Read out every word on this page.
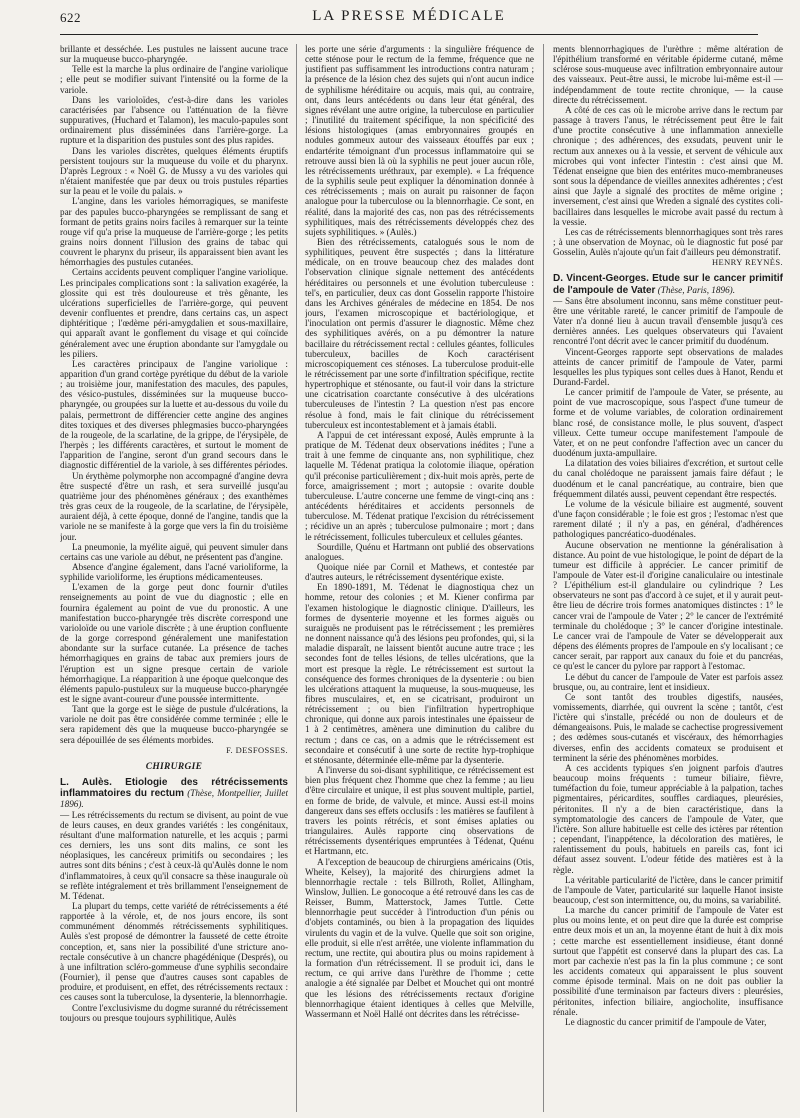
622	LA PRESSE MÉDICALE

brillante et desséchée. Les pustules ne laissent aucune trace sur la muqueuse bucco-pharyngée.

Telle est la marche la plus ordinaire de l'angine variolique ; elle peut se modifier suivant l'intensité ou la forme de la variole.

Dans les varioloïdes, c'est-à-dire dans les varioles caractérisées par l'absence ou l'atténuation de la fièvre suppuratives, (Huchard et Talamon), les maculo-papules sont ordinairement plus disséminées dans l'arrière-gorge. La rupture et la disparition des pustules sont des plus rapides.

Dans les varioles discrètes, quelques éléments éruptifs persistent toujours sur la muqueuse du voile et du pharynx. D'après Legroux : « Noël G. de Mussy a vu des varioles qui n'étaient manifestée que par deux ou trois pustules réparties sur la peau et le voile du palais. »

L'angine, dans les varioles hémorragiques, se manifeste par des papules bucco-pharyngées se remplissant de sang et formant de petits grains noirs faciles à remarquer sur la teinte rouge vif qu'a prise la muqueuse de l'arrière-gorge ; les petits grains noirs donnent l'illusion des grains de tabac qui couvrent le pharynx du priseur, ils apparaissent bien avant les hémorrhagies des pustules cutanées.

Certains accidents peuvent compliquer l'angine variolique. Les principales complications sont : la salivation exagérée, la glossite qui est très douloureuse et très gênante, les ulcérations superficielles de l'arrière-gorge, qui peuvent devenir confluentes et prendre, dans certains cas, un aspect diphtéritique ; l'œdème péri-amygdalien et sous-maxillaire, qui apparaît avant le gonflement du visage et qui coïncide généralement avec une éruption abondante sur l'amygdale ou les piliers.

Les caractères principaux de l'angine variolique : apparition d'un grand cortège pyrétique du début de la variole ; au troisième jour, manifestation des macules, des papules, des vésico-pustules, disséminées sur la muqueuse bucco-pharyngée, ou groupées sur la luette et au-dessous du voile du palais, permettront de différencier cette angine des angines dites toxiques et des diverses phlegmasies bucco-pharyngées de la rougeole, de la scarlatine, de la grippe, de l'érysipèle, de l'herpès ; les différents caractères, et surtout le moment de l'apparition de l'angine, seront d'un grand secours dans le diagnostic différentiel de la variole, à ses différentes périodes.

Un érythème polymorphe non accompagné d'angine devra être suspecté d'être un rash, et sera surveillé jusqu'au quatrième jour des phénomènes généraux ; des exanthèmes très gras ceux de la rougeole, de la scarlatine, de l'érysipèle, auraient déjà, à cette époque, donné de l'angine, tandis que la variole ne se manifeste à la gorge que vers la fin du troisième jour.

La pneumonie, la myélite aiguë, qui peuvent simuler dans certains cas une variole au début, ne présentent pas d'angine.

Absence d'angine également, dans l'acné varioliforme, la syphilide varioliforme, les éruptions médicamenteuses.

L'examen de la gorge peut donc fournir d'utiles renseignements au point de vue du diagnostic ; elle en fournira également au point de vue du pronostic. A une manifestation bucco-pharyngée très discrète correspond une varioloïde ou une variole discrète ; à une éruption confluente de la gorge correspond généralement une manifestation abondante sur la surface cutanée. La présence de taches hémorrhagiques en grains de tabac aux premiers jours de l'éruption est un signe presque certain de variole hémorrhagique. La réapparition à une époque quelconque des éléments papulo-pustuleux sur la muqueuse bucco-pharyngée est le signe avant-coureur d'une poussée intermittente.

Tant que la gorge est le siège de pustule d'ulcérations, la variole ne doit pas être considérée comme terminée ; elle le sera rapidement dès que la muqueuse bucco-pharyngée se sera dépouillée de ses éléments morbides.

F. DESFOSSES.
CHIRURGIE

L. Aulès. Etiologie des rétrécissements inflammatoires du rectum (Thèse, Montpellier, Juillet 1896).

— Les rétrécissements du rectum se divisent, au point de vue de leurs causes, en deux grandes variétés : les congénitaux, résultant d'une malformation naturelle, et les acquis ; parmi ces derniers, les uns sont dits malins, ce sont les néoplasiques, les cancéreux primitifs ou secondaires ; les autres sont dits bénins ; c'est à ceux-là qu'Aulès donne le nom d'inflammatoires, à ceux qu'il consacre sa thèse inaugurale où se reflète intégralement et très brillamment l'enseignement de M. Tédenat.

La plupart du temps, cette variété de rétrécissements a été rapportée à la vérole, et, de nos jours encore, ils sont communément dénommés rétrécissements syphilitiques. Aulès s'est proposé de démontrer la fausseté de cette étroite conception, et, sans nier la possibilité d'une stricture ano-rectale consécutive à un chancre phagédénique (Després), ou à une infiltration scléro-gommeuse d'une syphilis secondaire (Fournier), il pense que d'autres causes sont capables de produire, et produisent, en effet, des rétrécissements rectaux : ces causes sont la tuberculose, la dysenterie, la blennorrhagie.

Contre l'exclusivisme du dogme suranné du rétrécissement toujours ou presque toujours syphilitique, Aulès

les porte une série d'arguments : la singulière fréquence de cette sténose pour le rectum de la femme, fréquence que ne justifient pas suffisamment les introductions contra naturam ; la présence de la lésion chez des sujets qui n'ont aucun indice de syphilisme héréditaire ou acquis, mais qui, au contraire, ont, dans leurs antécédents ou dans leur état général, des signes révélant une autre origine, la tuberculose en particulier ; l'inutilité du traitement spécifique, la non spécificité des lésions histologiques (amas embryonnaires groupés en nodules gommeux autour des vaisseaux étouffés par eux ; endartérite témoignant d'un processus inflammatoire qui se retrouve aussi bien là où la syphilis ne peut jouer aucun rôle, les rétrécissements uréthraux, par exemple). « La fréquence de la syphilis seule peut expliquer la dénomination donnée à ces rétrécissements ; mais on aurait pu raisonner de façon analogue pour la tuberculose ou la blennorrhagie. Ce sont, en réalité, dans la majorité des cas, non pas des rétrécissements syphilitiques, mais des rétrécissements développés chez des sujets syphilitiques. » (Aulès.)

Bien des rétrécissements, catalogués sous le nom de syphilitiques, peuvent être suspectés ; dans la littérature médicale, on en trouve beaucoup chez des malades dont l'observation clinique signale nettement des antécédents héréditaires ou personnels et une évolution tuberculeuse : tel's, en particulier, deux cas dont Gosselin rapporte l'histoire dans les Archives générales de médecine en 1854. De nos jours, l'examen microscopique et bactériologique, et l'inoculation ont permis d'assurer le diagnostic. Même chez des syphilitiques avérés, on a pu démontrer la nature bacillaire du rétrécissement rectal : cellules géantes, follicules tuberculeux, bacilles de Koch caractérisent microscopiquement ces sténoses. La tuberculose produit-elle le rétrécissement par une sorte d'infiltration spécifique, rectite hypertrophique et sténosante, ou faut-il voir dans la stricture une cicatrisation coarctante consécutive à des ulcérations tuberculeuses de l'intestin ? La question n'est pas encore résolue à fond, mais le fait clinique du rétrécissement tuberculeux est incontestablement et à jamais établi.

A l'appui de cet intéressant exposé, Aulès emprunte à la pratique de M. Tédenat deux observations inédites ; l'une a trait à une femme de cinquante ans, non syphilitique, chez laquelle M. Tédenat pratiqua la colotomie iliaque, opération qu'il préconise particulièrement ; dix-huit mois après, perte de force, amaigrissement ; mort ; autopsie : ovarite double tuberculeuse. L'autre concerne une femme de vingt-cinq ans : antécédents héréditaires et accidents personnels de tuberculose. M. Tédenat pratique l'excision du rétrécissement ; récidive un an après ; tuberculose pulmonaire ; mort ; dans le rétrécissement, follicules tuberculeux et cellules géantes.

Sourdille, Quénu et Hartmann ont publié des observations analogues.

Quoique niée par Cornil et Mathews, et contestée par d'autres auteurs, le rétrécissement dysentérique existe.

En 1890-1891, M. Tédenat le diagnostiqua chez un homme, retour des colonies ; et M. Kiener confirma par l'examen histologique le diagnostic clinique. D'ailleurs, les formes de dysenterie moyenne et les formes aiguës ou suraiguës ne produisent pas le rétrécissement ; les premières ne donnent naissance qu'à des lésions peu profondes, qui, si la maladie disparaît, ne laissent bientôt aucune autre trace ; les secondes font de telles lésions, de telles ulcérations, que la mort est presque la règle. Le rétrécissement est surtout la conséquence des formes chroniques de la dysenterie : ou bien les ulcérations attaquent la muqueuse, la sous-muqueuse, les fibres musculaires, et, en se cicatrisant, produiront un rétrécissement ; ou bien l'infiltration hypertrophique chronique, qui donne aux parois intestinales une épaisseur de 1 à 2 centimètres, amènera une diminution du calibre du rectum ; dans ce cas, on a admis que le rétrécissement est secondaire et consécutif à une sorte de rectite hyp-trophique et sténosante, déterminée elle-même par la dysenterie.

A l'inverse du soi-disant syphilitique, ce rétrécissement est bien plus fréquent chez l'homme que chez la femme ; au lieu d'être circulaire et unique, il est plus souvent multiple, partiel, en forme de bride, de valvule, et mince. Aussi est-il moins dangereux dans ses effets occlusifs : les matières se faufilent à travers les points rétrécis, et sont émises aplaties ou triangulaires. Aulès rapporte cinq observations de rétrécissements dysentériques empruntées à Tédenat, Quénu et Hartmann, etc.

A l'exception de beaucoup de chirurgiens américains (Otis, Wheite, Kelsey), la majorité des chirurgiens admet la blennorrhagie rectale : tels Billroth, Rollet, Allingham, Winslow, Jullien. Le gonocoque a été retrouvé dans les cas de Reisser, Bumm, Matterstock, James Tuttle. Cette blennorrhagie peut succéder à l'introduction d'un pénis ou d'objets contaminés, ou bien à la propagation des liquides virulents du vagin et de la vulve. Quelle que soit son origine, elle produit, si elle n'est arrêtée, une violente inflammation du rectum, une rectite, qui aboutira plus ou moins rapidement à la formation d'un rétrécissement. Il se produit ici, dans le rectum, ce qui arrive dans l'urèthre de l'homme ; cette analogie a été signalée par Delbet et Mouchet qui ont montré que les lésions des rétrécissements rectaux d'origine blennorrhagique étaient identiques à celles que Melville, Wassermann et Noël Hallé ont décrites dans les rétrécisse-

ments blennorrhagiques de l'urèthre : même altération de l'épithélium transformé en véritable épiderme cutané, même sclérose sous-muqueuse avec infiltration embryonnaire autour des vaisseaux. Peut-être aussi, le microbe lui-même est-il — indépendamment de toute rectite chronique, — la cause directe du rétrécissement.

A côté de ces cas où le microbe arrive dans le rectum par passage à travers l'anus, le rétrécissement peut être le fait d'une proctite consécutive à une inflammation annexielle chronique ; des adhérences, des exsudats, peuvent unir le rectum aux annexes ou à la vessie, et servent de véhicule aux microbes qui vont infecter l'intestin : c'est ainsi que M. Tédenat enseigne que bien des entérites muco-membraneuses sont sous la dépendance de vieilles annexites adhérentes ; c'est ainsi que Jayle a signalé des proctites de même origine ; inversement, c'est ainsi que Wreden a signalé des cystites coli-bacillaires dans lesquelles le microbe avait passé du rectum à la vessie.

Les cas de rétrécissements blennorrhagiques sont très rares ; à une observation de Moynac, où le diagnostic fut posé par Gosselin, Aulès n'ajoute qu'un fait d'ailleurs peu démonstratif.

HENRY REYNÈS.

D. Vincent-Georges. Etude sur le cancer primitif de l'ampoule de Vater (Thèse, Paris, 1896).

— Sans être absolument inconnu, sans même constituer peut-être une véritable rareté, le cancer primitif de l'ampoule de Vater n'a donné lieu à aucun travail d'ensemble jusqu'à ces dernières années. Les quelques observateurs qui l'avaient rencontré l'ont décrit avec le cancer primitif du duodénum.

Vincent-Georges rapporte sept observations de malades atteints de cancer primitif de l'ampoule de Vater, parmi lesquelles les plus typiques sont celles dues à Hanot, Rendu et Durand-Fardel.

Le cancer primitif de l'ampoule de Vater, se présente, au point de vue macroscopique, sous l'aspect d'une tumeur de forme et de volume variables, de coloration ordinairement blanc rosé, de consistance molle, le plus souvent, d'aspect villeux. Cette tumeur occupe manifestement l'ampoule de Vater, et on ne peut confondre l'affection avec un cancer du duodénum juxta-ampullaire.

La dilatation des voies biliaires d'excrétion, et surtout celle du canal cholédoque ne paraissent jamais faire défaut ; le duodénum et le canal pancréatique, au contraire, bien que fréquemment dilatés aussi, peuvent cependant être respectés.

Le volume de la vésicule biliaire est augmenté, souvent d'une façon considérable ; le foie est gros ; l'estomac n'est que rarement dilaté ; il n'y a pas, en général, d'adhérences pathologiques pancréatico-duodénales.

Aucune observation ne mentionne la généralisation à distance. Au point de vue histologique, le point de départ de la tumeur est difficile à apprécier. Le cancer primitif de l'ampoule de Vater est-il d'origine canaliculaire ou intestinale ? L'épithélium est-il glandulaire ou cylindrique ? Les observateurs ne sont pas d'accord à ce sujet, et il y aurait peut-être lieu de décrire trois formes anatomiques distinctes : 1° le cancer vrai de l'ampoule de Vater ; 2° le cancer de l'extrémité terminale du cholédoque ; 3° le cancer d'origine intestinale. Le cancer vrai de l'ampoule de Vater se développerait aux dépens des éléments propres de l'ampoule en s'y localisant ; ce cancer serait, par rapport aux canaux du foie et du pancréas, ce qu'est le cancer du pylore par rapport à l'estomac.

Le début du cancer de l'ampoule de Vater est parfois assez brusque, ou, au contraire, lent et insidieux.

Ce sont tantôt des troubles digestifs, nausées, vomissements, diarrhée, qui ouvrent la scène ; tantôt, c'est l'ictère qui s'installe, précédé ou non de douleurs et de démangeaisons. Puis, le malade se cachectise progressivement ; des œdèmes sous-cutanés et viscéraux, des hémorrhagies diverses, enfin des accidents comateux se produisent et terminent la série des phénomènes morbides.

A ces accidents typiques s'en joignent parfois d'autres beaucoup moins fréquents : tumeur biliaire, fièvre, tuméfaction du foie, tumeur appréciable à la palpation, taches pigmentaires, péricardites, souffles cardiaques, pleurésies, péritonites. Il n'y a de bien caractéristique, dans la symptomatologie des cancers de l'ampoule de Vater, que l'ictère. Son allure habituelle est celle des ictères par rétention ; cependant, l'inappétence, la décoloration des matières, le ralentissement du pouls, habituels en pareils cas, font ici défaut assez souvent. L'odeur fétide des matières est à la règle.

La véritable particularité de l'ictère, dans le cancer primitif de l'ampoule de Vater, particularité sur laquelle Hanot insiste beaucoup, c'est son intermittence, ou, du moins, sa variabilité.

La marche du cancer primitif de l'ampoule de Vater est plus ou moins lente, et on peut dire que la durée est comprise entre deux mois et un an, la moyenne étant de huit à dix mois ; cette marche est essentiellement insidieuse, étant donné surtout que l'appétit est conservé dans la plupart des cas. La mort par cachexie n'est pas la fin la plus commune ; ce sont les accidents comateux qui apparaissent le plus souvent comme épisode terminal. Mais on ne doit pas oublier la possibilité d'une terminaison par facteurs divers : pleurésies, péritonites, infection biliaire, angiocholite, insuffisance rénale.

Le diagnostic du cancer primitif de l'ampoule de Vater,
